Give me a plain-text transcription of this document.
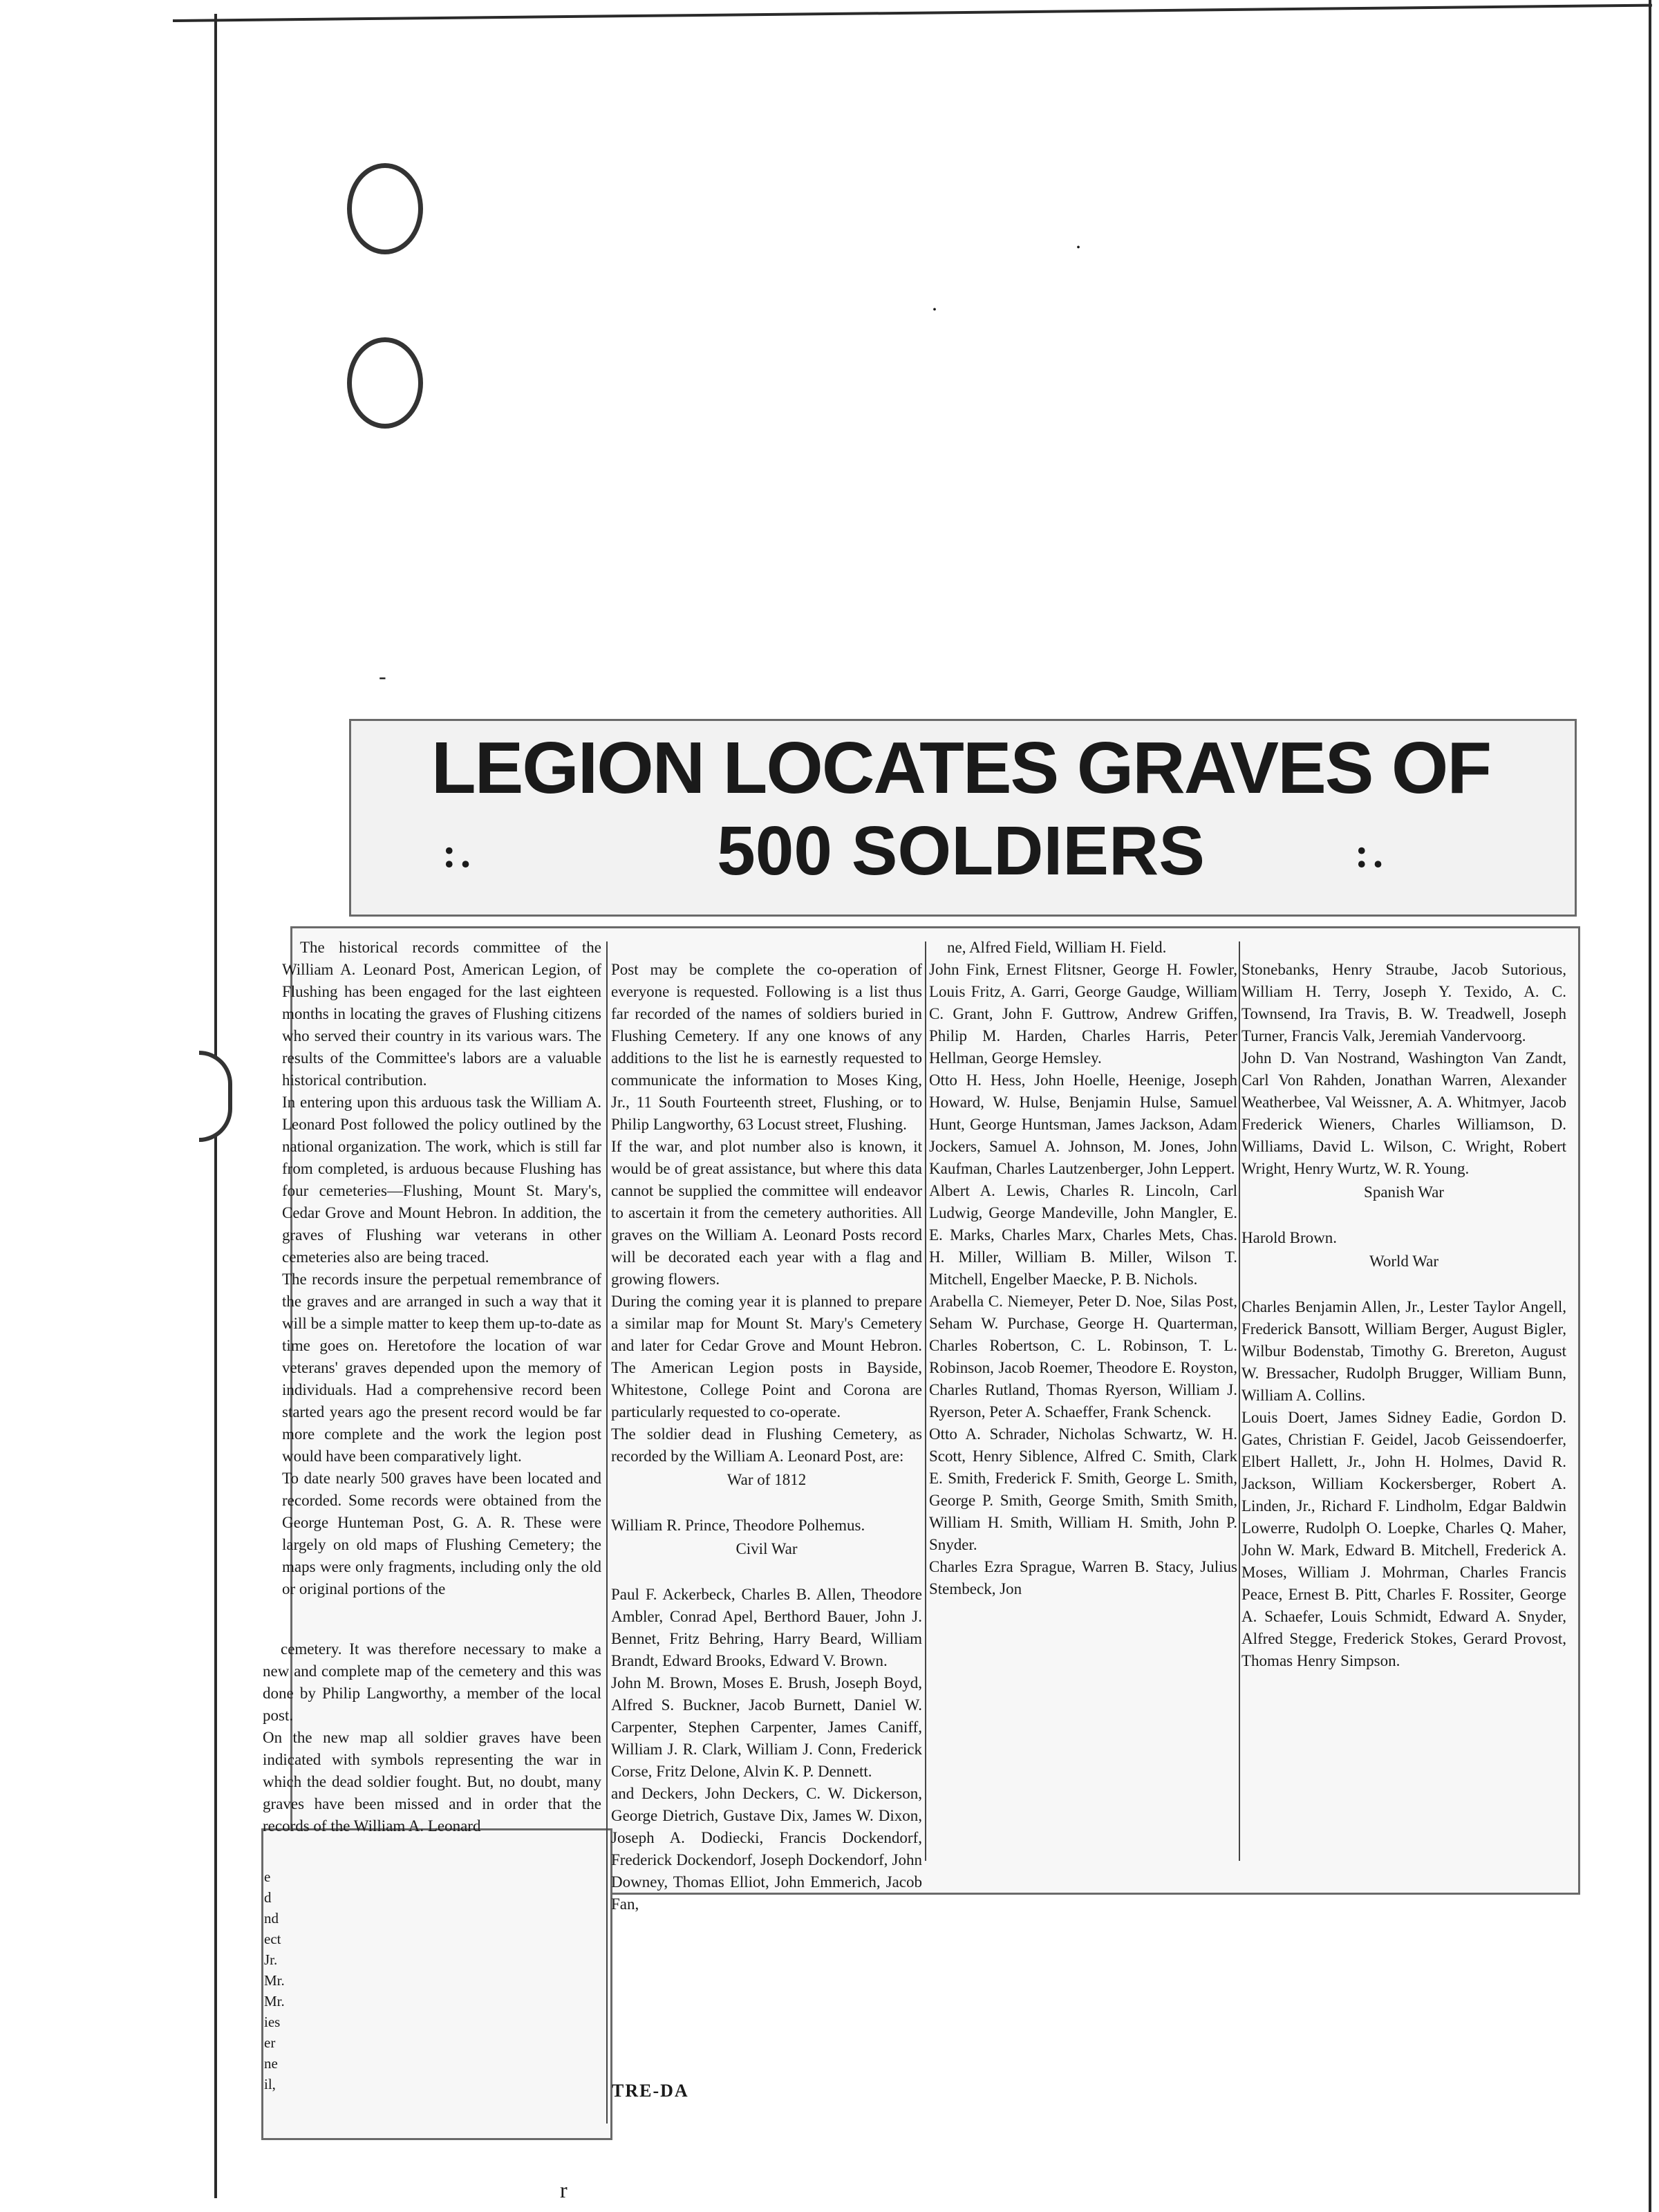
.
.
-
r
LEGION LOCATES GRAVES OF
500 SOLDIERS
:.	:.
The historical records committee of the William A. Leonard Post, American Legion, of Flushing has been engaged for the last eighteen months in locating the graves of Flushing citizens who served their country in its various wars. The results of the Committee's labors are a valuable historical contribution.
In entering upon this arduous task the William A. Leonard Post followed the policy outlined by the national organization. The work, which is still far from completed, is arduous because Flushing has four cemeteries—Flushing, Mount St. Mary's, Cedar Grove and Mount Hebron. In addition, the graves of Flushing war veterans in other cemeteries also are being traced.
The records insure the perpetual remembrance of the graves and are arranged in such a way that it will be a simple matter to keep them up-to-date as time goes on. Heretofore the location of war veterans' graves depended upon the memory of individuals. Had a comprehensive record been started years ago the present record would be far more complete and the work the legion post would have been comparatively light.
To date nearly 500 graves have been located and recorded. Some records were obtained from the George Hunteman Post, G. A. R. These were largely on old maps of Flushing Cemetery; the maps were only fragments, including only the old or original portions of the
cemetery. It was therefore necessary to make a new and complete map of the cemetery and this was done by Philip Langworthy, a member of the local post.
On the new map all soldier graves have been indicated with symbols representing the war in which the dead soldier fought. But, no doubt, many graves have been missed and in order that the records of the William A. Leonard

Post may be complete the co-operation of everyone is requested. Following is a list thus far recorded of the names of soldiers buried in Flushing Cemetery. If any one knows of any additions to the list he is earnestly requested to communicate the information to Moses King, Jr., 11 South Fourteenth street, Flushing, or to Philip Langworthy, 63 Locust street, Flushing.
If the war, and plot number also is known, it would be of great assistance, but where this data cannot be supplied the committee will endeavor to ascertain it from the cemetery authorities. All graves on the William A. Leonard Posts record will be decorated each year with a flag and growing flowers.
During the coming year it is planned to prepare a similar map for Mount St. Mary's Cemetery and later for Cedar Grove and Mount Hebron. The American Legion posts in Bayside, Whitestone, College Point and Corona are particularly requested to co-operate.
The soldier dead in Flushing Cemetery, as recorded by the William A. Leonard Post, are:

War of 1812

William R. Prince, Theodore Polhemus.

Civil War

Paul F. Ackerbeck, Charles B. Allen, Theodore Ambler, Conrad Apel, Berthord Bauer, John J. Bennet, Fritz Behring, Harry Beard, William Brandt, Edward Brooks, Edward V. Brown.
John M. Brown, Moses E. Brush, Joseph Boyd, Alfred S. Buckner, Jacob Burnett, Daniel W. Carpenter, Stephen Carpenter, James Caniff, William J. R. Clark, William J. Conn, Frederick Corse, Fritz Delone, Alvin K. P. Dennett.
and Deckers, John Deckers, C. W. Dickerson, George Dietrich, Gustave Dix, James W. Dixon, Joseph A. Dodiecki, Francis Dockendorf, Frederick Dockendorf, Joseph Dockendorf, John Downey, Thomas Elliot, John Emmerich, Jacob Fan,

ne, Alfred Field, William H. Field.
John Fink, Ernest Flitsner, George H. Fowler, Louis Fritz, A. Garri, George Gaudge, William C. Grant, John F. Guttrow, Andrew Griffen, Philip M. Harden, Charles Harris, Peter Hellman, George Hemsley.
Otto H. Hess, John Hoelle, Heenige, Joseph Howard, W. Hulse, Benjamin Hulse, Samuel Hunt, George Huntsman, James Jackson, Adam Jockers, Samuel A. Johnson, M. Jones, John Kaufman, Charles Lautzenberger, John Leppert.
Albert A. Lewis, Charles R. Lincoln, Carl Ludwig, George Mandeville, John Mangler, E. E. Marks, Charles Marx, Charles Mets, Chas. H. Miller, William B. Miller, Wilson T. Mitchell, Engelber Maecke, P. B. Nichols.
Arabella C. Niemeyer, Peter D. Noe, Silas Post, Seham W. Purchase, George H. Quarterman, Charles Robertson, C. L. Robinson, T. L. Robinson, Jacob Roemer, Theodore E. Royston, Charles Rutland, Thomas Ryerson, William J. Ryerson, Peter A. Schaeffer, Frank Schenck.
Otto A. Schrader, Nicholas Schwartz, W. H. Scott, Henry Siblence, Alfred C. Smith, Clark E. Smith, Frederick F. Smith, George L. Smith, George P. Smith, George Smith, Smith Smith, William H. Smith, William H. Smith, John P. Snyder.
Charles Ezra Sprague, Warren B. Stacy, Julius Stembeck, Jon

Stonebanks, Henry Straube, Jacob Sutorious, William H. Terry, Joseph Y. Texido, A. C. Townsend, Ira Travis, B. W. Treadwell, Joseph Turner, Francis Valk, Jeremiah Vandervoorg.
John D. Van Nostrand, Washington Van Zandt, Carl Von Rahden, Jonathan Warren, Alexander Weatherbee, Val Weissner, A. A. Whitmyer, Jacob Frederick Wieners, Charles Williamson, D. Williams, David L. Wilson, C. Wright, Robert Wright, Henry Wurtz, W. R. Young.

Spanish War

Harold Brown.

World War

Charles Benjamin Allen, Jr., Lester Taylor Angell, Frederick Bansott, William Berger, August Bigler, Wilbur Bodenstab, Timothy G. Brereton, August W. Bressacher, Rudolph Brugger, William Bunn, William A. Collins.
Louis Doert, James Sidney Eadie, Gordon D. Gates, Christian F. Geidel, Jacob Geissendoerfer, Elbert Hallett, Jr., John H. Holmes, David R. Jackson, William Kockersberger, Robert A. Linden, Jr., Richard F. Lindholm, Edgar Baldwin Lowerre, Rudolph O. Loepke, Charles Q. Maher, John W. Mark, Edward B. Mitchell, Frederick A. Moses, William J. Mohrman, Charles Francis Peace, Ernest B. Pitt, Charles F. Rossiter, George A. Schaefer, Louis Schmidt, Edward A. Snyder, Alfred Stegge, Frederick Stokes, Gerard Provost, Thomas Henry Simpson.

e
d
nd
ect
Jr.
Mr.
Mr.
ies
er
ne
il,	TRE-DA
